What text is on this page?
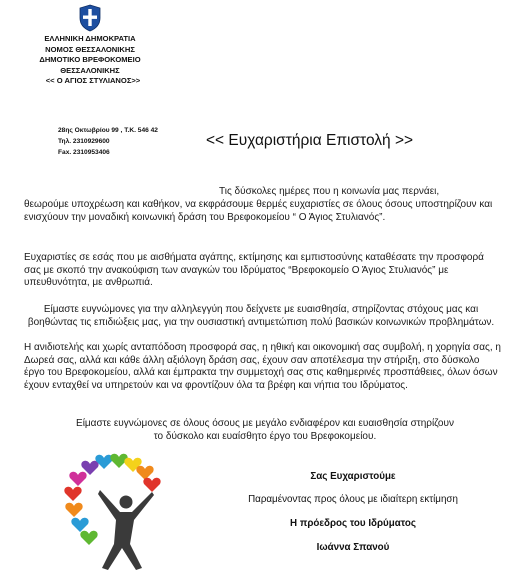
ΕΛΛΗΝΙΚΗ ΔΗΜΟΚΡΑΤΙΑ
ΝΟΜΟΣ ΘΕΣΣΑΛΟΝΙΚΗΣ
ΔΗΜΟΤΙΚΟ ΒΡΕΦΟΚΟΜΕΙΟ
ΘΕΣΣΑΛΟΝΙΚΗΣ
<< Ο ΑΓΙΟΣ ΣΤΥΛΙΑΝΟΣ>>
28ης Οκτωβρίου 99 , Τ.Κ. 546 42
Τηλ. 2310929600
Fax. 2310953406
<< Ευχαριστήρια Επιστολή >>
Τις δύσκολες ημέρες που η κοινωνία μας περνάει,
θεωρούμε υποχρέωση και καθήκον, να εκφράσουμε θερμές ευχαριστίες σε όλους όσους υποστηρίζουν και ενισχύουν την μοναδική κοινωνική δράση του Βρεφοκομείου “ Ο Άγιος Στυλιανός”.
Ευχαριστίες σε εσάς που με αισθήματα αγάπης, εκτίμησης και εμπιστοσύνης καταθέσατε την προσφορά σας με σκοπό την ανακούφιση των αναγκών του Ιδρύματος “Βρεφοκομείο Ο Άγιος Στυλιανός” με υπευθυνότητα, με ανθρωπιά.
Είμαστε ευγνώμονες για την αλληλεγγύη που δείχνετε με ευαισθησία, στηρίζοντας στόχους μας και βοηθώντας τις επιδιώξεις μας, για την ουσιαστική αντιμετώπιση πολύ βασικών κοινωνικών προβλημάτων.
Η ανιδιοτελής και χωρίς ανταπόδοση προσφορά σας, η ηθική και οικονομική σας συμβολή, η χορηγία σας, η Δωρεά σας, αλλά και κάθε άλλη αξιόλογη δράση σας, έχουν σαν αποτέλεσμα την στήριξη, στο δύσκολο έργο του Βρεφοκομείου, αλλά και έμπρακτα την συμμετοχή σας στις καθημερινές προσπάθειες, όλων όσων έχουν ενταχθεί να υπηρετούν και να φροντίζουν όλα τα βρέφη και νήπια του Ιδρύματος.
Είμαστε ευγνώμονες σε όλους όσους με μεγάλο ενδιαφέρον και ευαισθησία στηρίζουν το δύσκολο και ευαίσθητο έργο του Βρεφοκομείου.
Σας Ευχαριστούμε
Παραμένοντας προς όλους με ιδιαίτερη εκτίμηση
Η πρόεδρος του Ιδρύματος
Ιωάννα Σπανού
